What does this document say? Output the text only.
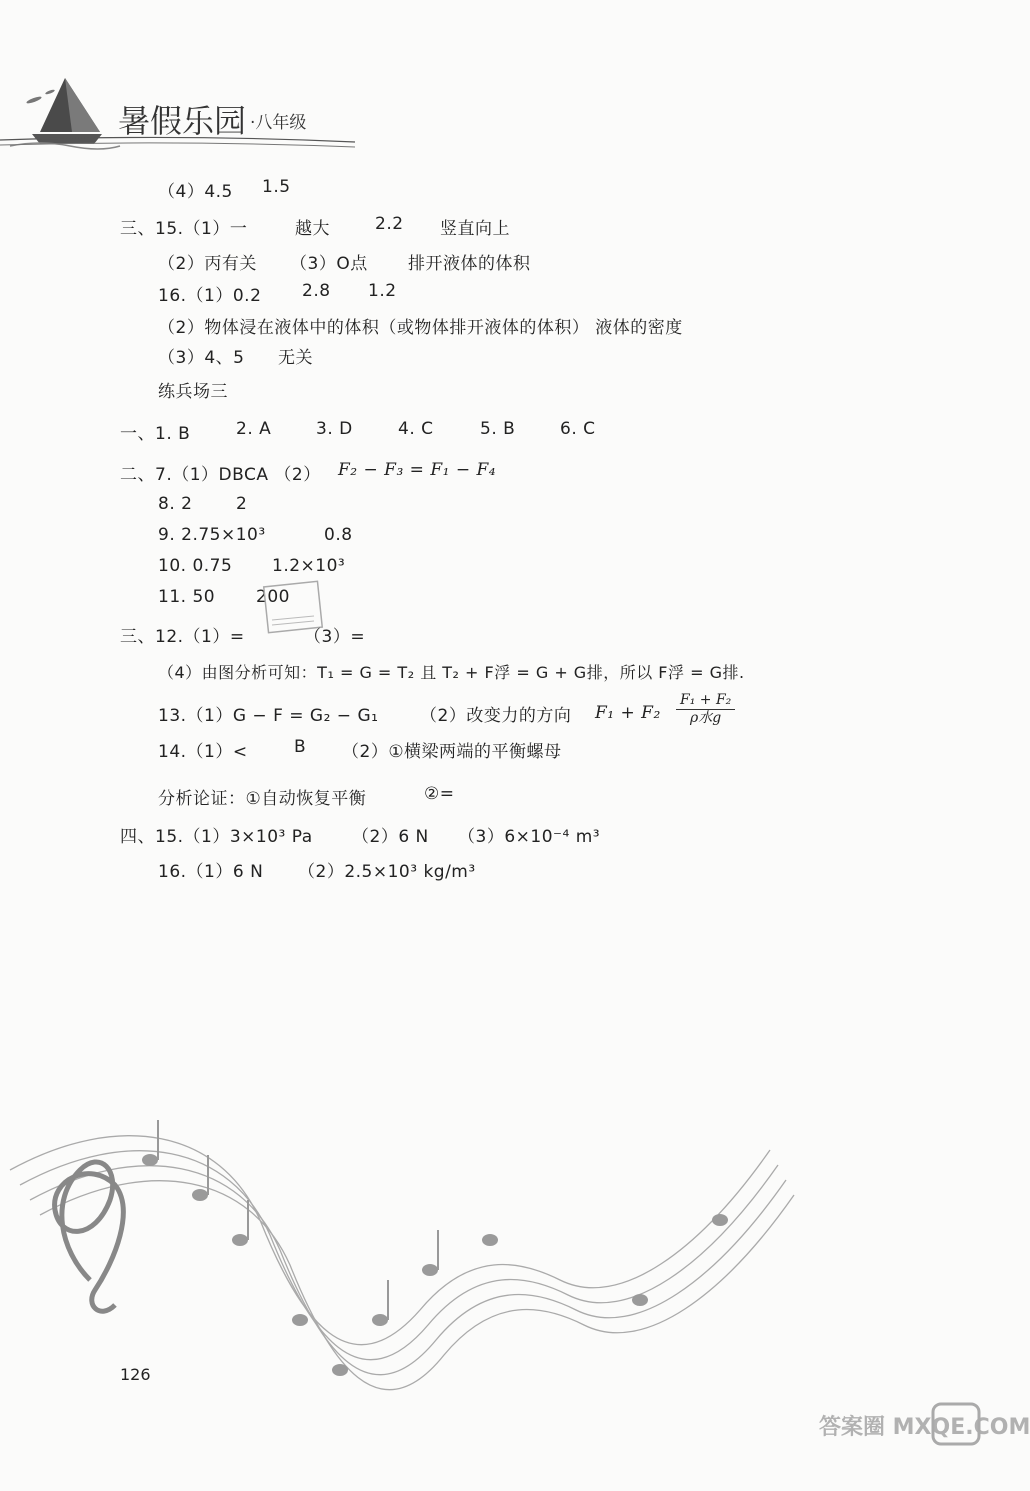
暑假乐园 ·八年级
（4）4.5 1.5
三、15.（1）一	越大	2.2 竖直向上
（2）丙有关 （3）O点 排开液体的体积
16.（1）0.2 2.8 1.2
（2）物体浸在液体中的体积（或物体排开液体的体积） 液体的密度
（3）4、5 无关
练兵场三
一、1. B	2. A	3. D	4. C	5. B	6. C
二、7.（1）DBCA （2） F₂ − F₃ = F₁ − F₄
8. 2	2
9. 2.75×10³	0.8
10. 0.75 1.2×10³
11. 50 200
三、12.（1）=	（3）=
（4）由图分析可知：T₁ = G = T₂ 且 T₂ + F浮 = G + G排，所以 F浮 = G排.
13.（1）G − F = G₂ − G₁ （2）改变力的方向 $F_1 + F_2 \frac{\text{F₁ + F₂}}{\text{ρ水g}}$
14.（1）<	B （2）①横梁两端的平衡螺母
分析论证：①自动恢复平衡	②=
四、15.（1）3×10³ Pa （2）6 N （3）6×10⁻⁴ m³
16.（1）6 N （2）2.5×10³ kg/m³
126
答案圈 MXQE.COM
